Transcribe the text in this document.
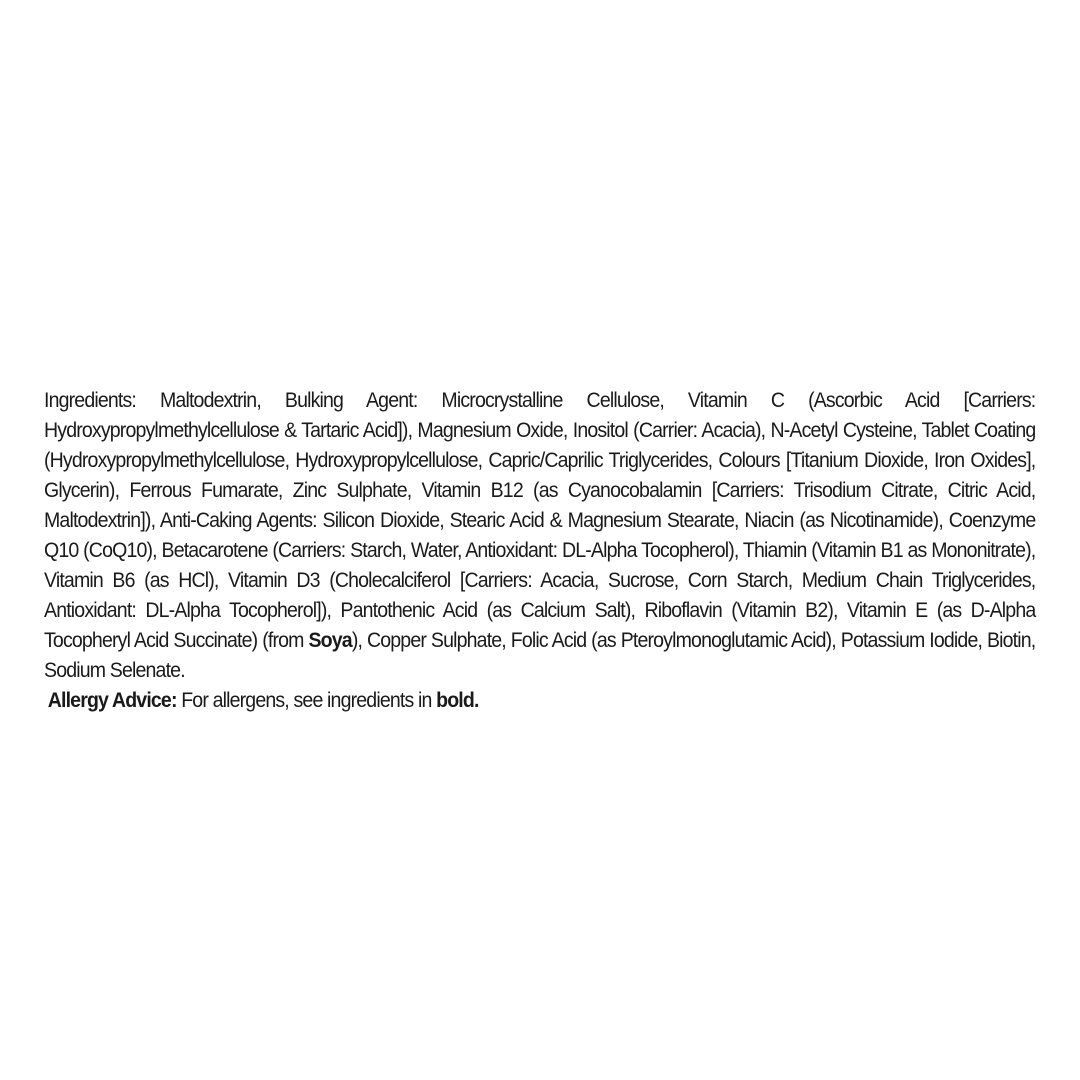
Ingredients: Maltodextrin, Bulking Agent: Microcrystalline Cellulose, Vitamin C (Ascorbic Acid [Carriers: Hydroxypropylmethylcellulose & Tartaric Acid]), Magnesium Oxide, Inositol (Carrier: Acacia), N-Acetyl Cysteine, Tablet Coating (Hydroxypropylmethylcellulose, Hydroxypropylcellulose, Capric/Caprilic Triglycerides, Colours [Titanium Dioxide, Iron Oxides], Glycerin), Ferrous Fumarate, Zinc Sulphate, Vitamin B12 (as Cyanocobalamin [Carriers: Trisodium Citrate, Citric Acid, Maltodextrin]), Anti-Caking Agents: Silicon Dioxide, Stearic Acid & Magnesium Stearate, Niacin (as Nicotinamide), Coenzyme Q10 (CoQ10), Betacarotene (Carriers: Starch, Water, Antioxidant: DL-Alpha Tocopherol), Thiamin (Vitamin B1 as Mononitrate), Vitamin B6 (as HCl), Vitamin D3 (Cholecalciferol [Carriers: Acacia, Sucrose, Corn Starch, Medium Chain Triglycerides, Antioxidant: DL-Alpha Tocopherol]), Pantothenic Acid (as Calcium Salt), Riboflavin (Vitamin B2), Vitamin E (as D-Alpha Tocopheryl Acid Succinate) (from Soya), Copper Sulphate, Folic Acid (as Pteroylmonoglutamic Acid), Potassium Iodide, Biotin, Sodium Selenate.

Allergy Advice: For allergens, see ingredients in bold.
